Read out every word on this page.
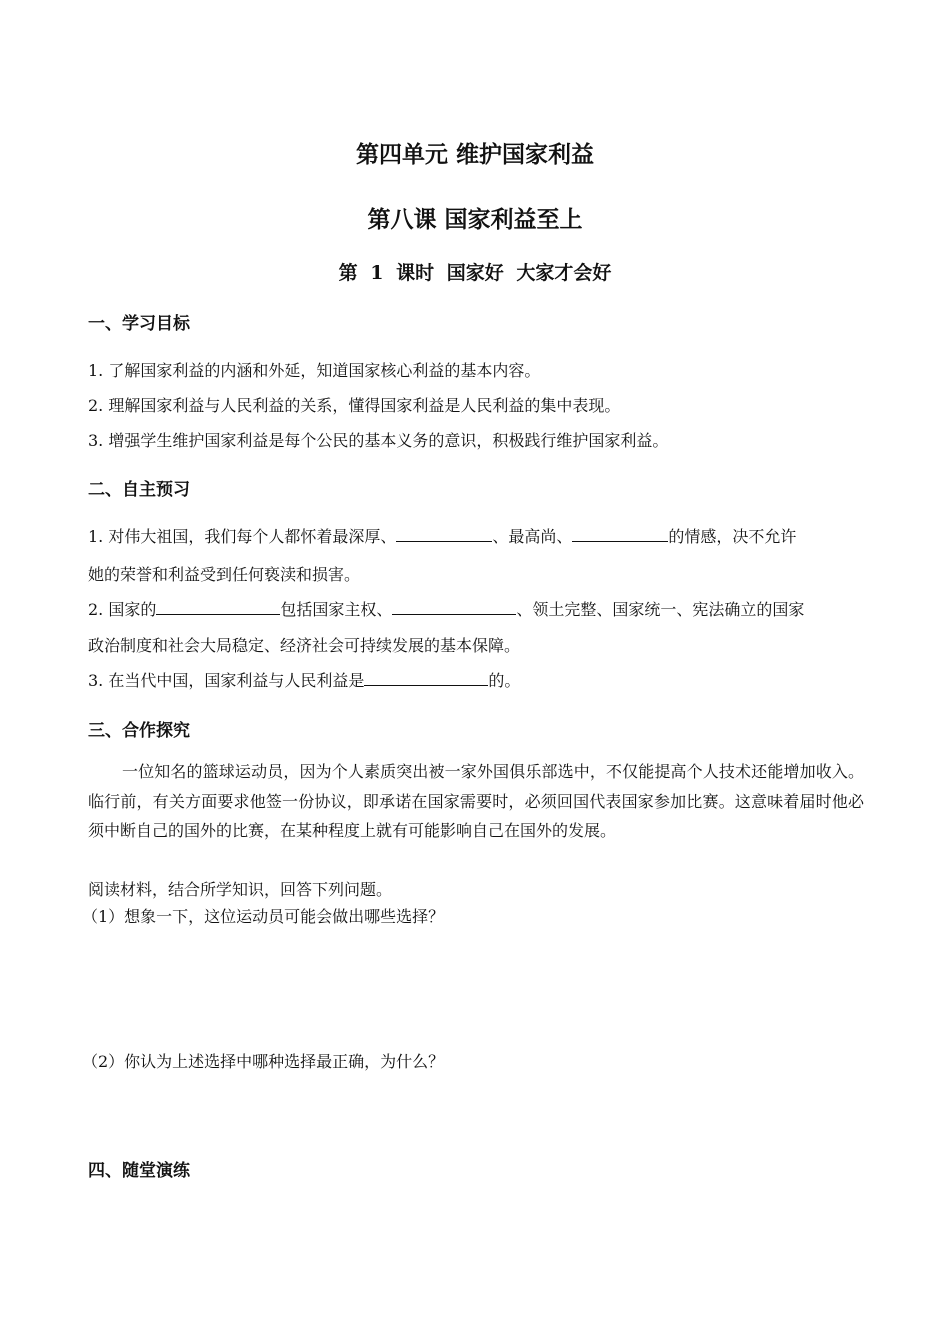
第四单元 维护国家利益
第八课 国家利益至上
第 1 课时 国家好 大家才会好
一、学习目标
1. 了解国家利益的内涵和外延，知道国家核心利益的基本内容。
2. 理解国家利益与人民利益的关系，懂得国家利益是人民利益的集中表现。
3. 增强学生维护国家利益是每个公民的基本义务的意识，积极践行维护国家利益。
二、自主预习
1. 对伟大祖国，我们每个人都怀着最深厚、	、最高尚、	的情感，决不允许
她的荣誉和利益受到任何亵渎和损害。
2. 国家的	包括国家主权、	、领土完整、国家统一、宪法确立的国家
政治制度和社会大局稳定、经济社会可持续发展的基本保障。
3. 在当代中国，国家利益与人民利益是	的。
三、合作探究
一位知名的篮球运动员，因为个人素质突出被一家外国俱乐部选中，不仅能提高个人技术还能增加收入。临行前，有关方面要求他签一份协议，即承诺在国家需要时，必须回国代表国家参加比赛。这意味着届时他必须中断自己的国外的比赛，在某种程度上就有可能影响自己在国外的发展。
阅读材料，结合所学知识，回答下列问题。
（1）想象一下，这位运动员可能会做出哪些选择？
（2）你认为上述选择中哪种选择最正确，为什么？
四、随堂演练
